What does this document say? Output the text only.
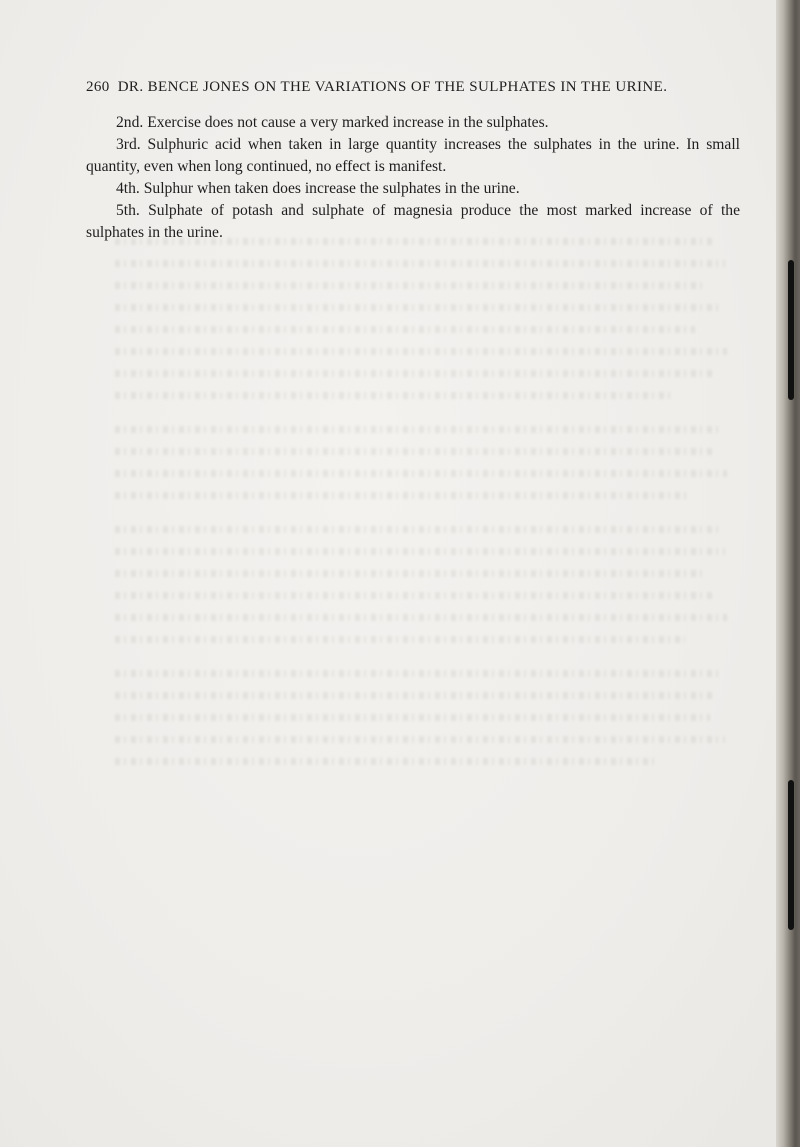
260 DR. BENCE JONES ON THE VARIATIONS OF THE SULPHATES IN THE URINE.

2nd. Exercise does not cause a very marked increase in the sulphates.

3rd. Sulphuric acid when taken in large quantity increases the sulphates in the urine. In small quantity, even when long continued, no effect is manifest.

4th. Sulphur when taken does increase the sulphates in the urine.

5th. Sulphate of potash and sulphate of magnesia produce the most marked increase of the sulphates in the urine.
